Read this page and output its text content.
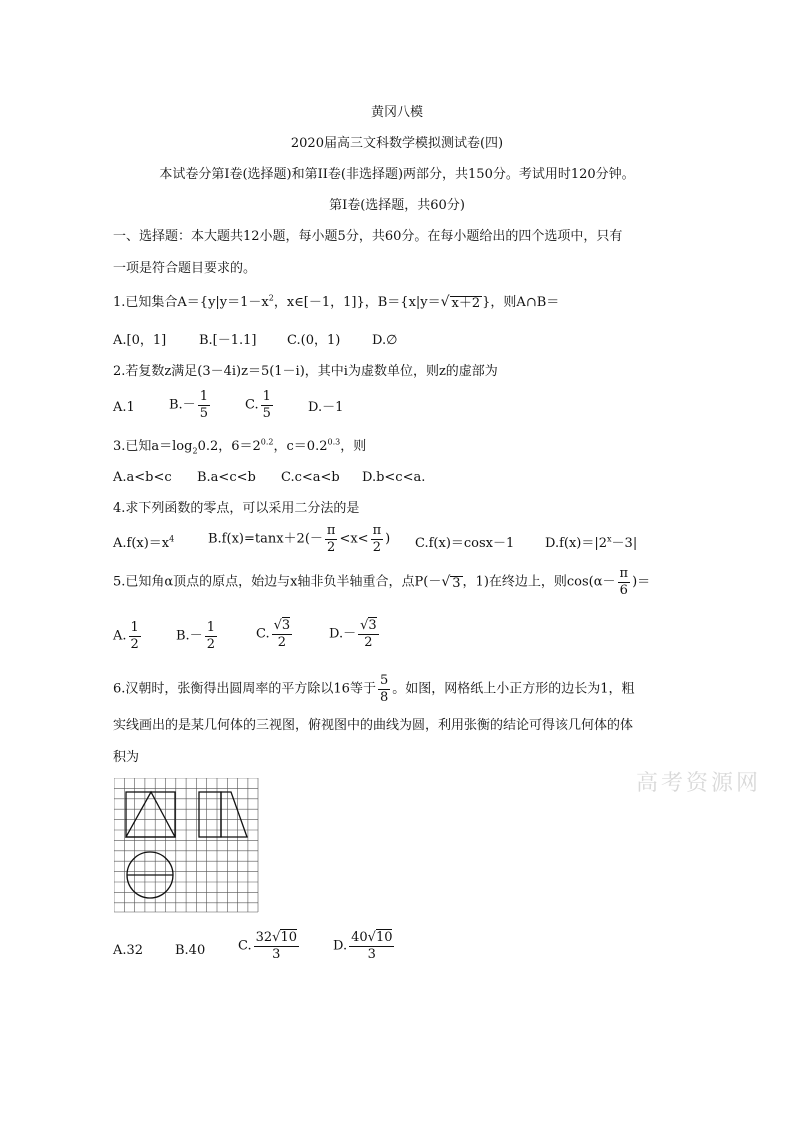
黄冈八模
2020届高三文科数学模拟测试卷(四)
本试卷分第I卷(选择题)和第II卷(非选择题)两部分，共150分。考试用时120分钟。
第I卷(选择题，共60分)
一、选择题：本大题共12小题，每小题5分，共60分。在每小题给出的四个选项中，只有
一项是符合题目要求的。
1.已知集合$A=\{y|y=1-x^2$，x∈[－1，1]}，B＝{x|y＝ √ x＋2 }，则A∩B＝
A.[0，1]	B.[－1.1] C.(0，1) D.∅
2.若复数z满足(3－4i)z＝5(1－i)，其中i为虚数单位，则z的虚部为
A.1	$B.- \frac{1}{5}$	C. $\frac{1}{5}$	D.－1
3.已知$a=\log_20.2$，$6=2^{0.2}$，$c=0.2^{0.3}$，则
A.a<b<c B.a<c<b C.c<a<b D.b<c<a.
4.求下列函数的零点，可以采用二分法的是
$A.f(x)=x^4$	$B.f(x)=\tan x+2(- \frac{\pi}{2} <x< \frac{\pi}{2}$ ) C.f(x)＝cosx－1 $D.f(x)=|2^x-3|$
5.已知角α顶点的原点，始边与x轴非负半轴重合，点P(－ √ 3 ，1)在终边上，则$\cos(\alpha- \frac{\pi}{6}$ )＝
A. $\frac{1}{2}$	$B.- \frac{1}{2}$	C. $\frac{√3}{2}$	$D.- \frac{√3}{2}$
6.汉朝时，张衡得出圆周率的平方除以16等于 $\frac{5}{8}$ 。如图，网格纸上小正方形的边长为1，粗
实线画出的是某几何体的三视图，俯视图中的曲线为圆，利用张衡的结论可得该几何体的体
积为
A.32 B.40	C. $\frac{32√10}{3}$	D. $\frac{40√10}{3}$
高考资源网
